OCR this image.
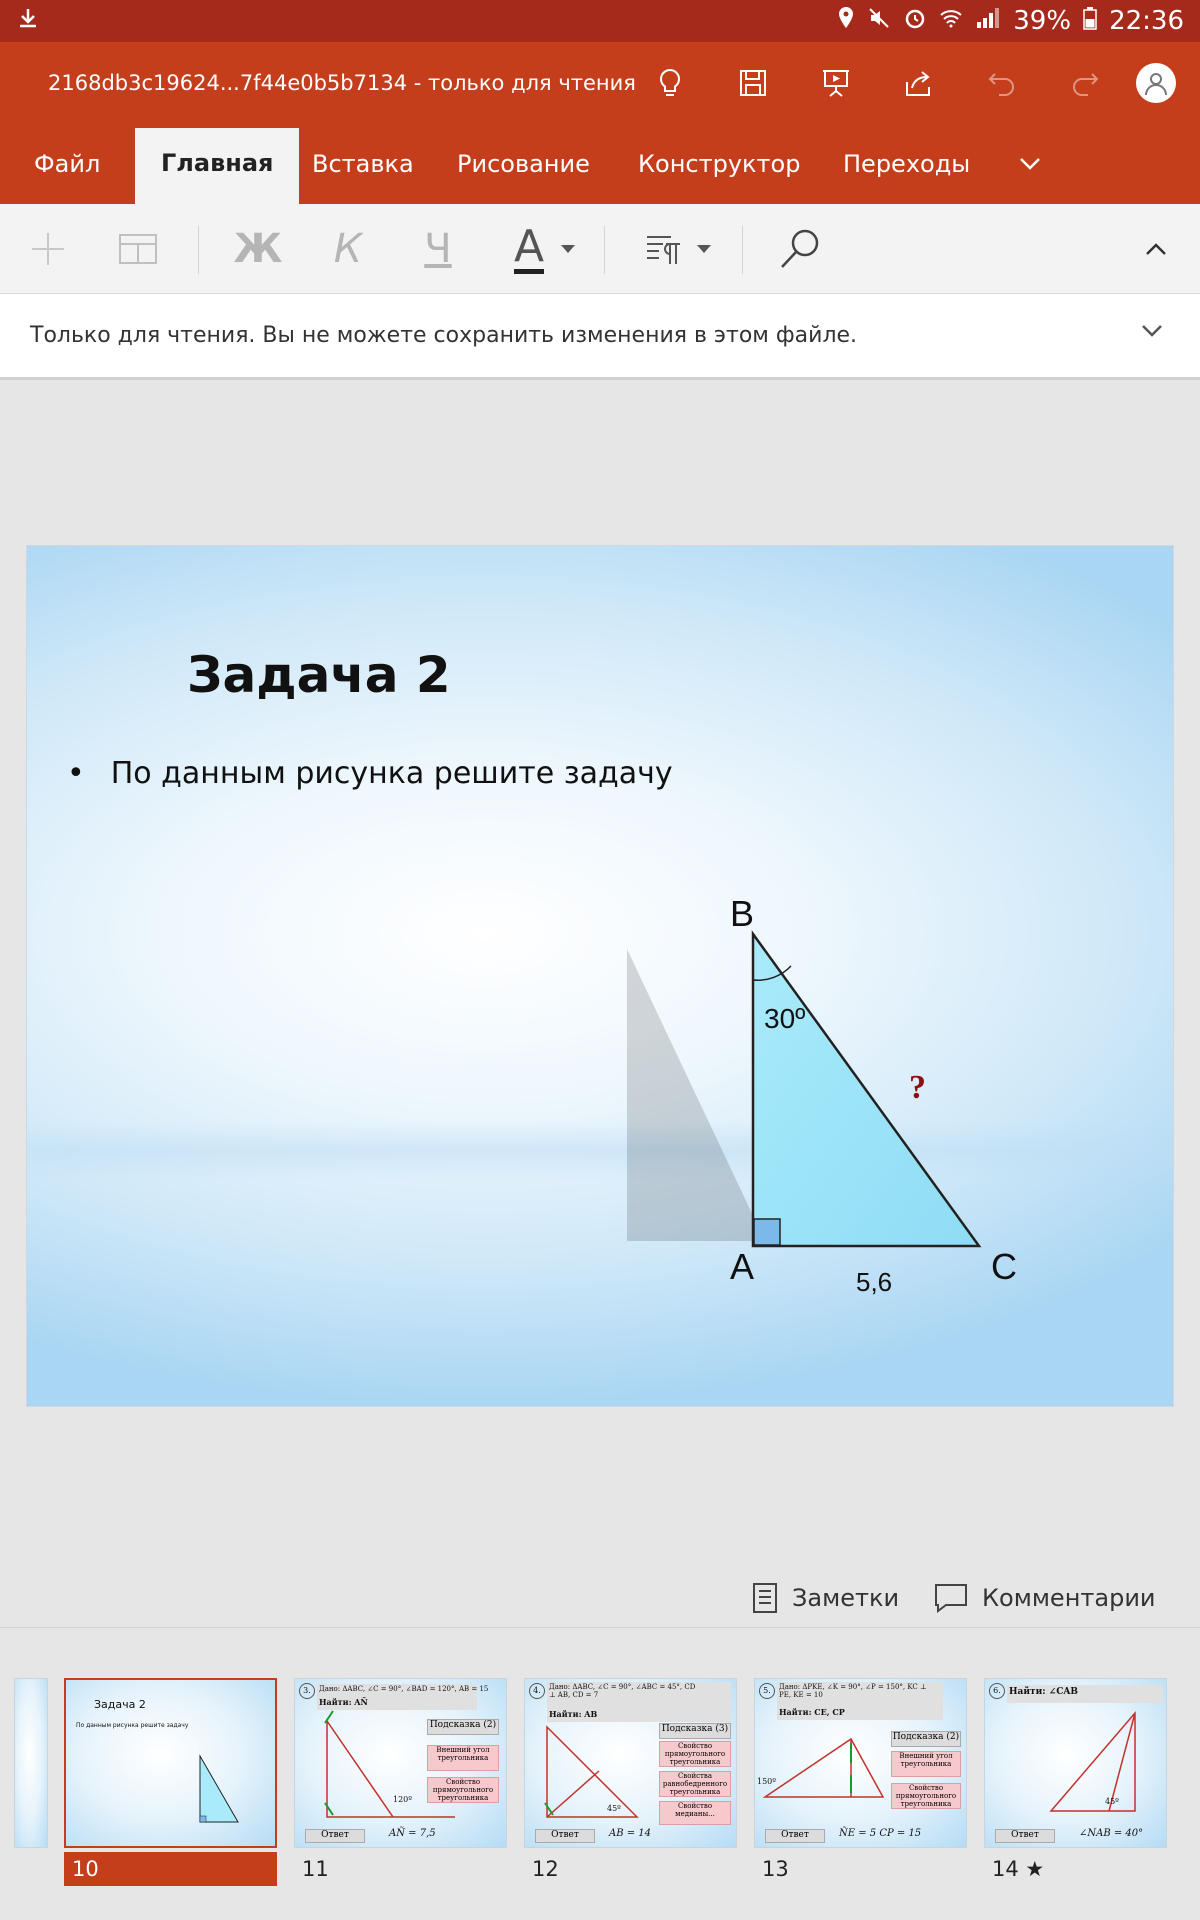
39% 22:36
2168db3c19624...7f44e0b5b7134 - только для чтения
Файл	Главная	Вставка Рисование Конструктор Переходы
Ж К	Ч A
Только для чтения. Вы не можете сохранить изменения в этом файле.
Задача 2
• По данным рисунка решите задачу
B
A	C
30º
5,6
?
Заметки	Комментарии
Задача 2
По данным рисунка решите задачу
10
3.	Дано: ΔABC, ∠C = 90°, ∠BAD = 120°, AB = 15
Найти: AÑ
Подсказка (2)
Внешний угол треугольника
Свойство прямоугольного треугольника
120º
Ответ	AÑ = 7,5
11
4.	Дано: ΔABC, ∠C = 90°, ∠ABC = 45°, CD ⊥ AB, CD = 7
Найти: AB
Подсказка (3)
Свойство прямоугольного треугольника
Свойства равнобедренного треугольника
Свойство медианы...
45º
Ответ	AB = 14
12
5.	Дано: ΔPKE, ∠K = 90°, ∠P = 150°, KC ⊥ PE, KE = 10
Найти: CE, CP
Подсказка (2)
Внешний угол треугольника
Свойство прямоугольного треугольника
150º
Ответ	ÑE = 5 CP = 15
13
6. Найти: ∠CAB
45º
Ответ	∠NAB = 40°
14 ★
